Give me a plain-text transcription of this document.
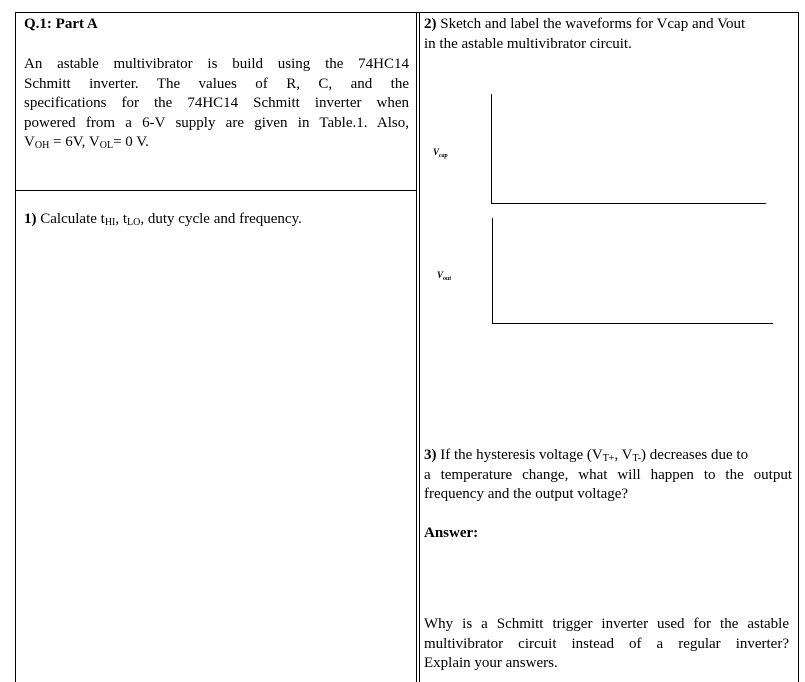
Q.1: Part A
An astable multivibrator is build using the 74HC14
Schmitt inverter. The values of R, C, and the
specifications for the 74HC14 Schmitt inverter when
powered from a 6-V supply are given in Table.1. Also,
$V_{OH} = 6V$, $V_{OL}= 0$ V.
1) Calculate $t_{HI}$, $t_{LO}$, duty cycle and frequency.
2) Sketch and label the waveforms for Vcap and Vout
in the astable multivibrator circuit.
$V_{cap}$
$V_{out}$
3) If the hysteresis voltage ($V_{T+}$, $V_{T-}$) decreases due to
a temperature change, what will happen to the output
frequency and the output voltage?
Answer:
Why is a Schmitt trigger inverter used for the astable
multivibrator circuit instead of a regular inverter?
Explain your answers.
